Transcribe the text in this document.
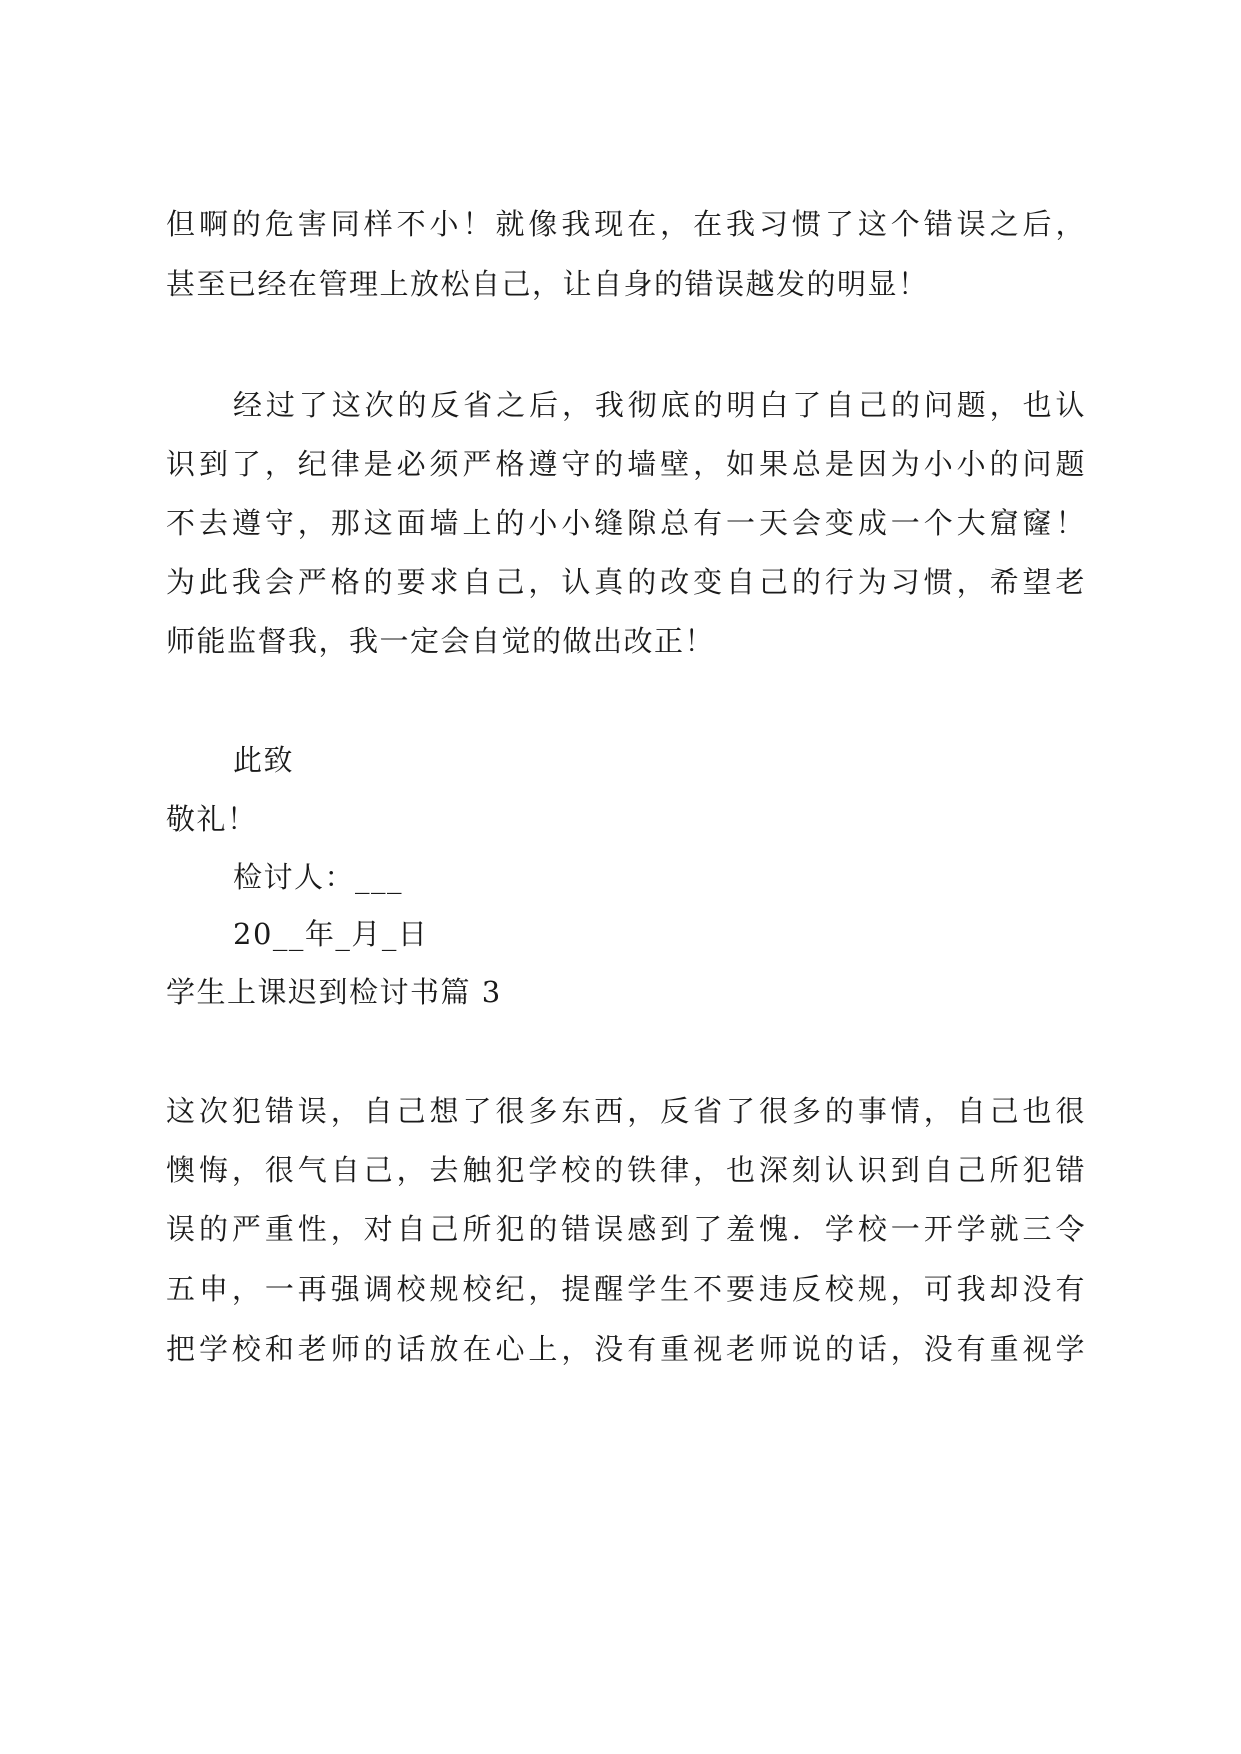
但啊的危害同样不小！就像我现在，在我习惯了这个错误之后，
甚至已经在管理上放松自己，让自身的错误越发的明显！
经过了这次的反省之后，我彻底的明白了自己的问题，也认
识到了，纪律是必须严格遵守的墙壁，如果总是因为小小的问题
不去遵守，那这面墙上的小小缝隙总有一天会变成一个大窟窿！
为此我会严格的要求自己，认真的改变自己的行为习惯，希望老
师能监督我，我一定会自觉的做出改正！
此致
敬礼！
检讨人：___
20__年_月_日
学生上课迟到检讨书篇 3
这次犯错误，自己想了很多东西，反省了很多的事情，自己也很
懊悔，很气自己，去触犯学校的铁律，也深刻认识到自己所犯错
误的严重性，对自己所犯的错误感到了羞愧．学校一开学就三令
五申，一再强调校规校纪，提醒学生不要违反校规，可我却没有
把学校和老师的话放在心上，没有重视老师说的话，没有重视学
